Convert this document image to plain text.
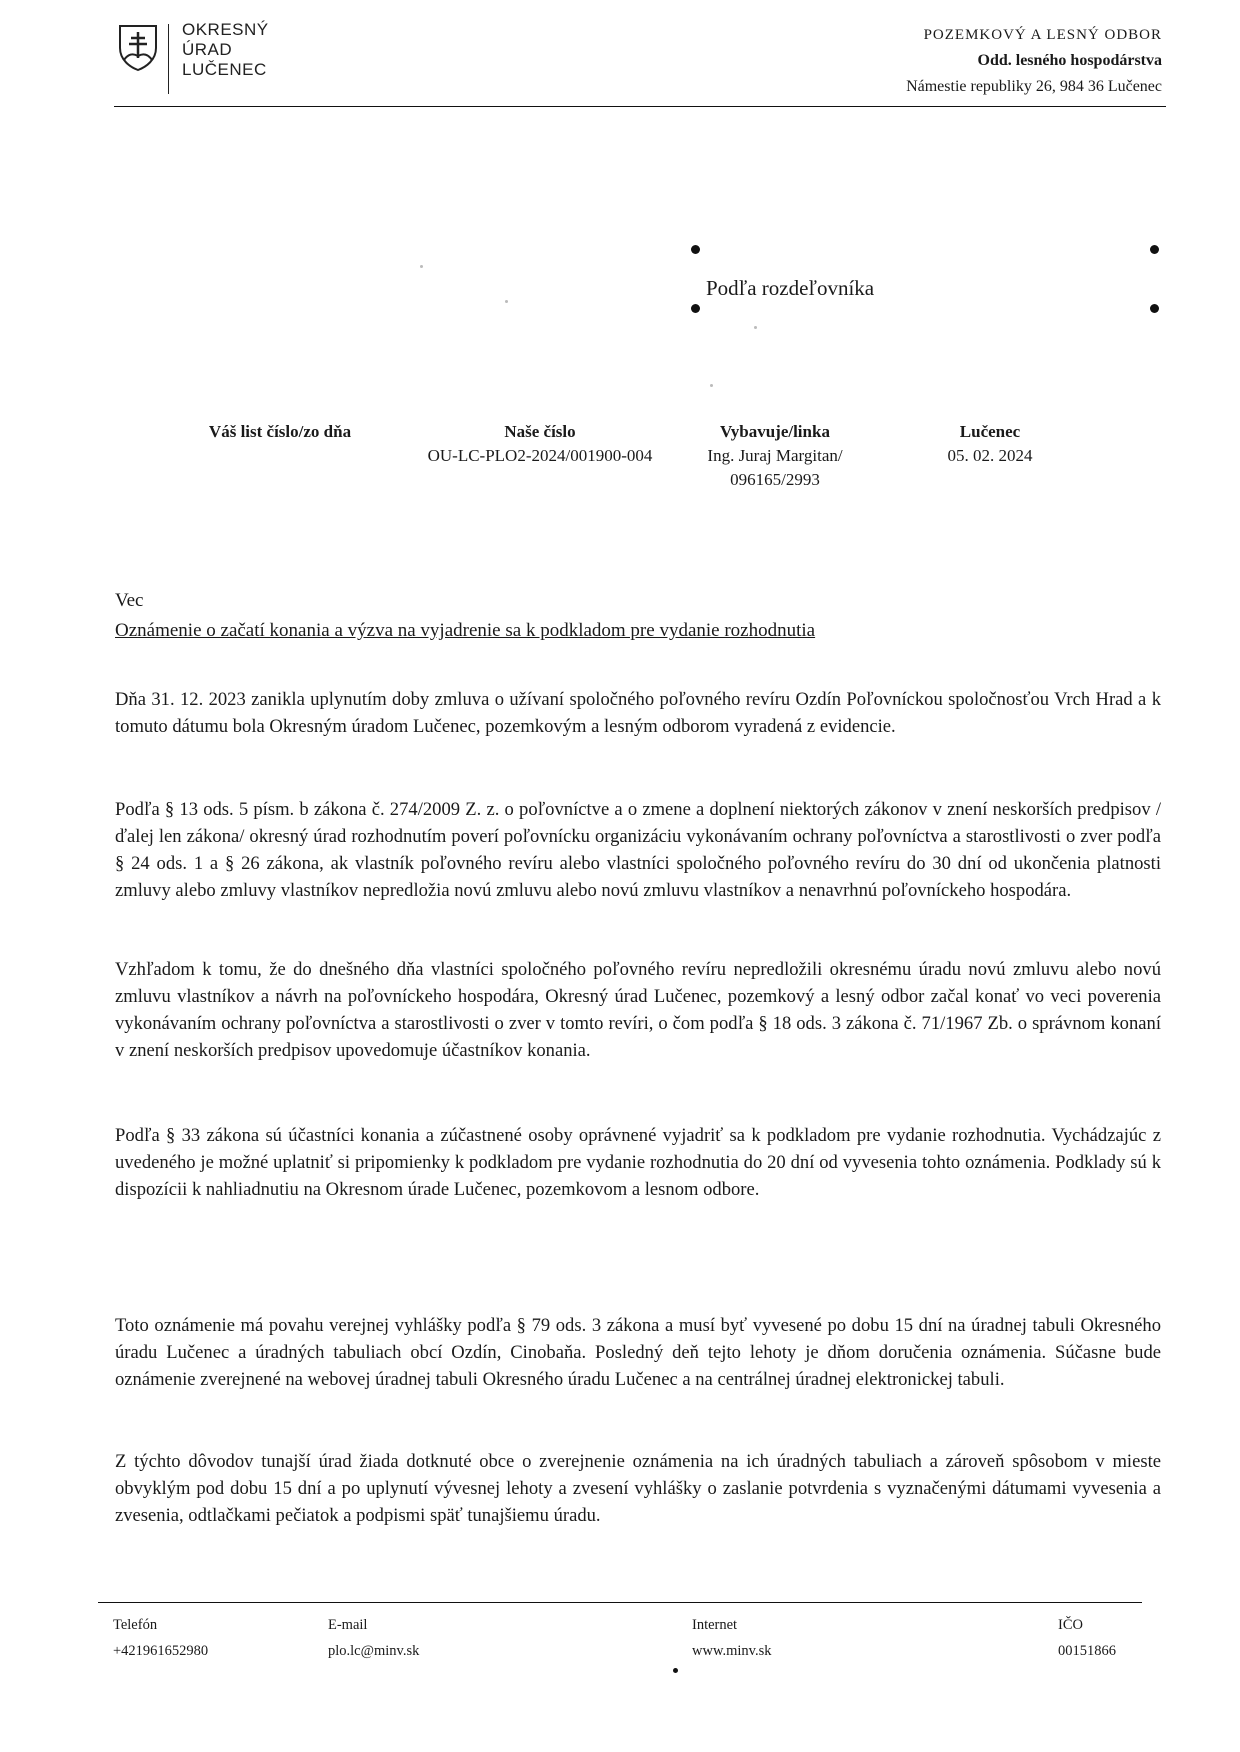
OKRESNÝ
ÚRAD
LUČENEC
POZEMKOVÝ A LESNÝ ODBOR
Odd. lesného hospodárstva
Námestie republiky 26, 984 36 Lučenec
Podľa rozdeľovníka
Váš list číslo/zo dňa	Naše číslo
OU-LC-PLO2-2024/001900-004
Vybavuje/linka
Ing. Juraj Margitan/
096165/2993
Lučenec
05. 02. 2024
Vec
Oznámenie o začatí konania a výzva na vyjadrenie sa k podkladom pre vydanie rozhodnutia
Dňa 31. 12. 2023 zanikla uplynutím doby zmluva o užívaní spoločného poľovného revíru Ozdín Poľovníckou spoločnosťou Vrch Hrad a k tomuto dátumu bola Okresným úradom Lučenec, pozemkovým a lesným odborom vyradená z evidencie.
Podľa § 13 ods. 5 písm. b zákona č. 274/2009 Z. z. o poľovníctve a o zmene a doplnení niektorých zákonov v znení neskorších predpisov /ďalej len zákona/ okresný úrad rozhodnutím poverí poľovnícku organizáciu vykonávaním ochrany poľovníctva a starostlivosti o zver podľa § 24 ods. 1 a § 26 zákona, ak vlastník poľovného revíru alebo vlastníci spoločného poľovného revíru do 30 dní od ukončenia platnosti zmluvy alebo zmluvy vlastníkov nepredložia novú zmluvu alebo novú zmluvu vlastníkov a nenavrhnú poľovníckeho hospodára.
Vzhľadom k tomu, že do dnešného dňa vlastníci spoločného poľovného revíru nepredložili okresnému úradu novú zmluvu alebo novú zmluvu vlastníkov a návrh na poľovníckeho hospodára, Okresný úrad Lučenec, pozemkový a lesný odbor začal konať vo veci poverenia vykonávaním ochrany poľovníctva a starostlivosti o zver v tomto revíri, o čom podľa § 18 ods. 3 zákona č. 71/1967 Zb. o správnom konaní v znení neskorších predpisov upovedomuje účastníkov konania.
Podľa § 33 zákona sú účastníci konania a zúčastnené osoby oprávnené vyjadriť sa k podkladom pre vydanie rozhodnutia. Vychádzajúc z uvedeného je možné uplatniť si pripomienky k podkladom pre vydanie rozhodnutia do 20 dní od vyvesenia tohto oznámenia. Podklady sú k dispozícii k nahliadnutiu na Okresnom úrade Lučenec, pozemkovom a lesnom odbore.
Toto oznámenie má povahu verejnej vyhlášky podľa § 79 ods. 3 zákona a musí byť vyvesené po dobu 15 dní na úradnej tabuli Okresného úradu Lučenec a úradných tabuliach obcí Ozdín, Cinobaňa. Posledný deň tejto lehoty je dňom doručenia oznámenia. Súčasne bude oznámenie zverejnené na webovej úradnej tabuli Okresného úradu Lučenec a na centrálnej úradnej elektronickej tabuli.
Z týchto dôvodov tunajší úrad žiada dotknuté obce o zverejnenie oznámenia na ich úradných tabuliach a zároveň spôsobom v mieste obvyklým pod dobu 15 dní a po uplynutí vývesnej lehoty a zvesení vyhlášky o zaslanie potvrdenia s vyznačenými dátumami vyvesenia a zvesenia, odtlačkami pečiatok a podpismi späť tunajšiemu úradu.
Telefón
+421961652980
E-mail
plo.lc@minv.sk
Internet
www.minv.sk
IČO
00151866
